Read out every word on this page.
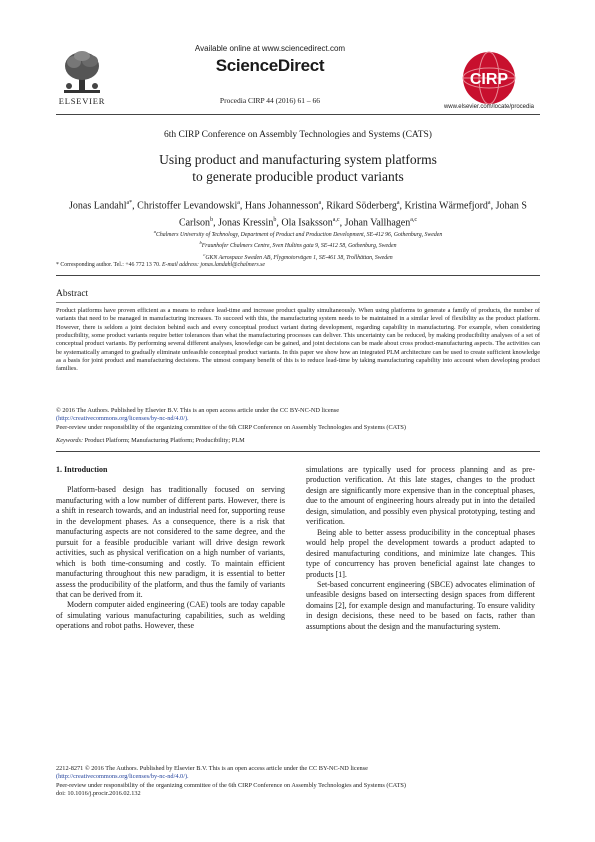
ELSEVIER
Available online at www.sciencedirect.com
ScienceDirect
Procedia CIRP 44 (2016) 61 – 66
CIRP
www.elsevier.com/locate/procedia
6th CIRP Conference on Assembly Technologies and Systems (CATS)
Using product and manufacturing system platforms
to generate producible product variants
Jonas Landahl$^{a*}$, Christoffer Levandowski$^a$, Hans Johannesson$^a$, Rikard Söderberg$^a$, Kristina Wärmefjord$^a$, Johan S Carlson$^b$, Jonas Kressin$^b$, Ola Isaksson$^{a,c}$, Johan Vallhagen$^{a,c}$
$^a$Chalmers University of Technology, Department of Product and Production Development, SE-412 96, Gothenburg, Sweden
$^b$Fraunhofer Chalmers Centre, Sven Hultins gata 9, SE-412 58, Gothenburg, Sweden
$^c$GKN Aerospace Sweden AB, Flygmotorvägen 1, SE-461 38, Trollhättan, Sweden
* Corresponding author. Tel.: +46 772 13 70. E-mail address: jonas.landahl@chalmers.se
Abstract
Product platforms have proven efficient as a means to reduce lead-time and increase product quality simultaneously. When using platforms to generate a family of products, the number of variants that need to be managed in manufacturing increases. To succeed with this, the manufacturing system needs to be maintained in a similar level of flexibility as the product platform. However, there is seldom a joint decision behind each and every conceptual product variant during development, regarding capability in manufacturing. For example, when considering producibility, some product variants require better tolerances than what the manufacturing processes can deliver. This uncertainty can be reduced, by making producibility analyses of a set of conceptual product variants. By performing several different analyses, knowledge can be gained, and joint decisions can be made about cross product-manufacturing aspects. The activities can be systematically arranged to gradually eliminate unfeasible conceptual product variants. In this paper we show how an integrated PLM architecture can be used to create sufficient knowledge as a basis for joint product and manufacturing decisions. The utmost company benefit of this is to reduce lead-time by taking manufacturing capability into account when developing product families.
© 2016 The Authors. Published by Elsevier B.V. This is an open access article under the CC BY-NC-ND license
(http://creativecommons.org/licenses/by-nc-nd/4.0/).
Peer-review under responsibility of the organizing committee of the 6th CIRP Conference on Assembly Technologies and Systems (CATS)
Keywords: Product Platform; Manufacturing Platform; Producibility; PLM

1. Introduction

Platform-based design has traditionally focused on serving manufacturing with a low number of different parts. However, there is a shift in research towards, and an industrial need for, supporting reuse in the development phases. As a consequence, there is a risk that manufacturing aspects are not considered to the same degree, and the pursuit for a feasible producible variant will drive design rework activities, such as physical verification on a high number of variants, which is both time-consuming and costly. To maintain efficient manufacturing throughout this new paradigm, it is essential to better assess the producibility of the platform, and thus the family of variants that can be derived from it.

Modern computer aided engineering (CAE) tools are today capable of simulating various manufacturing capabilities, such as welding operations and robot paths. However, these

simulations are typically used for process planning and as pre-production verification. At this late stages, changes to the product design are significantly more expensive than in the conceptual phases, due to the amount of engineering hours already put in into the detailed design, simulation, and possibly even physical prototyping, testing and verification.

Being able to better assess producibility in the conceptual phases would help propel the development towards a product adapted to desired manufacturing conditions, and minimize late changes. This type of concurrency has proven beneficial against late changes to products [1].

Set-based concurrent engineering (SBCE) advocates elimination of unfeasible designs based on intersecting design spaces from different domains [2], for example design and manufacturing. To ensure validity in design decisions, these need to be based on facts, rather than assumptions about the design and the manufacturing system.

2212-8271 © 2016 The Authors. Published by Elsevier B.V. This is an open access article under the CC BY-NC-ND license
(http://creativecommons.org/licenses/by-nc-nd/4.0/).
Peer-review under responsibility of the organizing committee of the 6th CIRP Conference on Assembly Technologies and Systems (CATS)
doi: 10.1016/j.procir.2016.02.132
